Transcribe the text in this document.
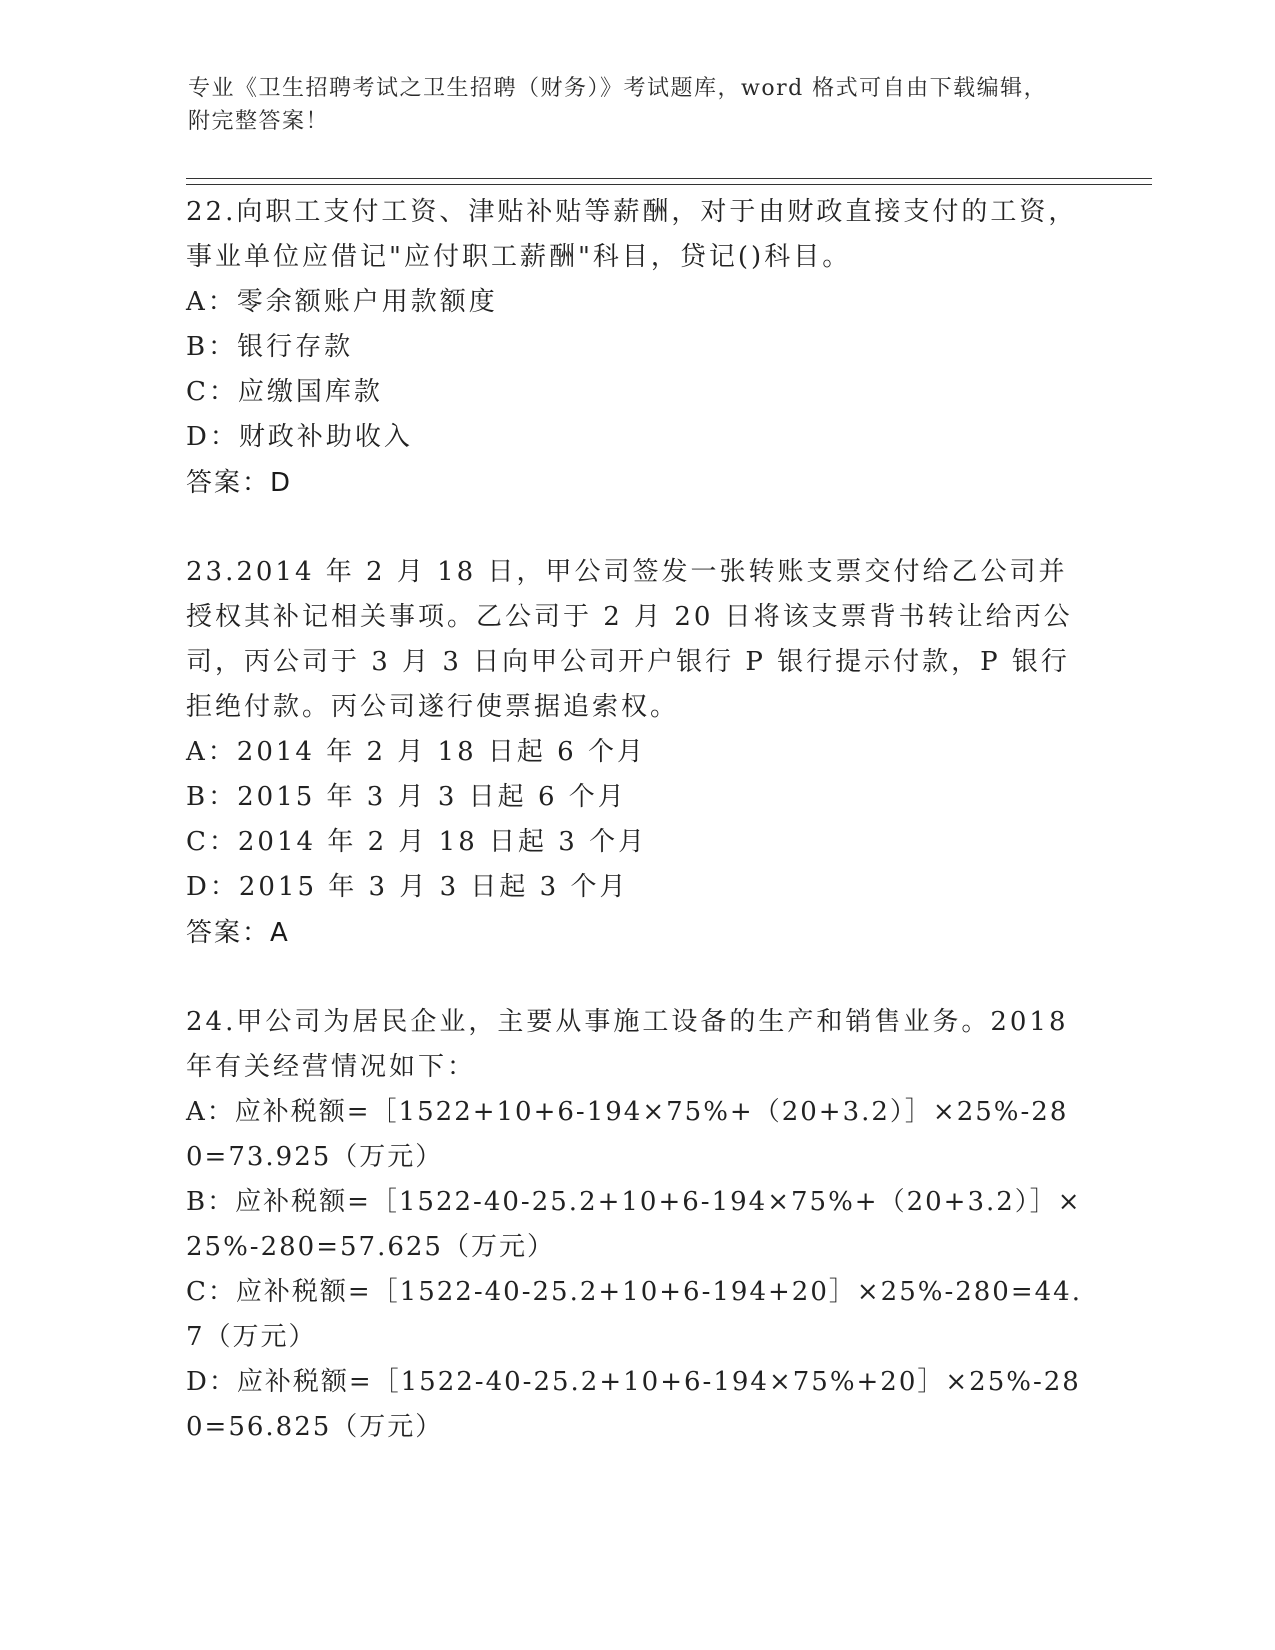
专业《卫生招聘考试之卫生招聘（财务）》考试题库，word 格式可自由下载编辑，附完整答案！

22.向职工支付工资、津贴补贴等薪酬，对于由财政直接支付的工资，事业单位应借记"应付职工薪酬"科目，贷记()科目。

A：零余额账户用款额度

B：银行存款

C：应缴国库款

D：财政补助收入

答案：D

23.2014 年 2 月 18 日，甲公司签发一张转账支票交付给乙公司并授权其补记相关事项。乙公司于 2 月 20 日将该支票背书转让给丙公司，丙公司于 3 月 3 日向甲公司开户银行 P 银行提示付款，P 银行拒绝付款。丙公司遂行使票据追索权。

A：2014 年 2 月 18 日起 6 个月

B：2015 年 3 月 3 日起 6 个月

C：2014 年 2 月 18 日起 3 个月

D：2015 年 3 月 3 日起 3 个月

答案：A

24.甲公司为居民企业，主要从事施工设备的生产和销售业务。2018 年有关经营情况如下：

A：应补税额=［1522+10+6-194×75%+（20+3.2）］×25%-280=73.925（万元）

B：应补税额=［1522-40-25.2+10+6-194×75%+（20+3.2）］×25%-280=57.625（万元）

C：应补税额=［1522-40-25.2+10+6-194+20］×25%-280=44.7（万元）

D：应补税额=［1522-40-25.2+10+6-194×75%+20］×25%-280=56.825（万元）
